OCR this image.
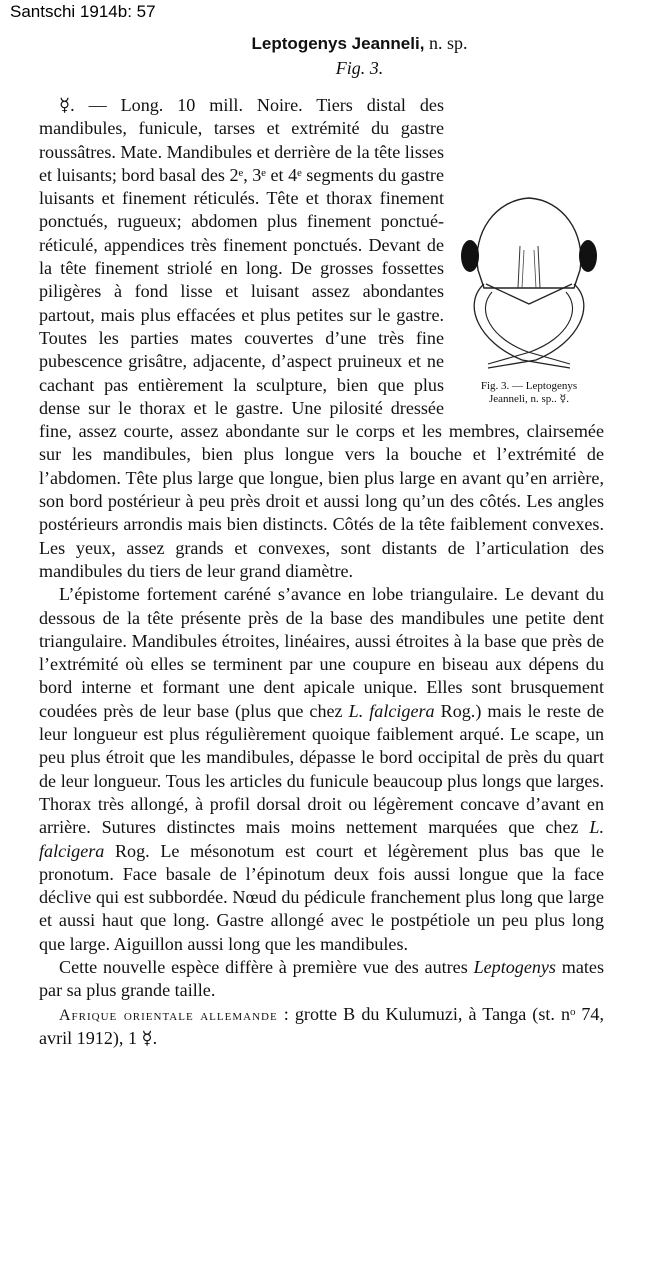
Santschi 1914b: 57
Leptogenys Jeanneli, n. sp.
Fig. 3.
Fig. 3. — Leptogenys
Jeanneli, n. sp.. ☿.

☿. — Long. 10 mill. Noire. Tiers distal des mandibules, funicule, tarses et extrémité du gastre roussâtres. Mate. Mandibules et derrière de la tête lisses et luisants; bord basal des 2ᵉ, 3ᵉ et 4ᵉ segments du gastre luisants et finement réticulés. Tête et thorax finement ponctués, rugueux; abdomen plus finement ponctué-réticulé, appendices très finement ponctués. Devant de la tête finement striolé en long. De grosses fossettes piligères à fond lisse et luisant assez abondantes partout, mais plus effacées et plus petites sur le gastre. Toutes les parties mates couvertes d’une très fine pubescence grisâtre, adjacente, d’aspect pruineux et ne cachant pas entièrement la sculpture, bien que plus dense sur le thorax et le gastre. Une pilosité dressée fine, assez courte, assez abondante sur le corps et les membres, clairsemée sur les mandibules, bien plus longue vers la bouche et l’extrémité de l’abdomen. Tête plus large que longue, bien plus large en avant qu’en arrière, son bord postérieur à peu près droit et aussi long qu’un des côtés. Les angles postérieurs arrondis mais bien distincts. Côtés de la tête faiblement convexes. Les yeux, assez grands et convexes, sont distants de l’articulation des mandibules du tiers de leur grand diamètre.

L’épistome fortement caréné s’avance en lobe triangulaire. Le devant du dessous de la tête présente près de la base des mandibules une petite dent triangulaire. Mandibules étroites, linéaires, aussi étroites à la base que près de l’extrémité où elles se terminent par une coupure en biseau aux dépens du bord interne et formant une dent apicale unique. Elles sont brusquement coudées près de leur base (plus que chez L. falcigera Rog.) mais le reste de leur longueur est plus régulièrement quoique faiblement arqué. Le scape, un peu plus étroit que les mandibules, dépasse le bord occipital de près du quart de leur longueur. Tous les articles du funicule beaucoup plus longs que larges. Thorax très allongé, à profil dorsal droit ou légèrement concave d’avant en arrière. Sutures distinctes mais moins nettement marquées que chez L. falcigera Rog. Le mésonotum est court et légèrement plus bas que le pronotum. Face basale de l’épinotum deux fois aussi longue que la face déclive qui est subbordée. Nœud du pédicule franchement plus long que large et aussi haut que long. Gastre allongé avec le postpétiole un peu plus long que large. Aiguillon aussi long que les mandibules.

Cette nouvelle espèce diffère à première vue des autres Leptogenys mates par sa plus grande taille.

Afrique orientale allemande : grotte B du Kulumuzi, à Tanga (st. nᵒ 74, avril 1912), 1 ☿.
